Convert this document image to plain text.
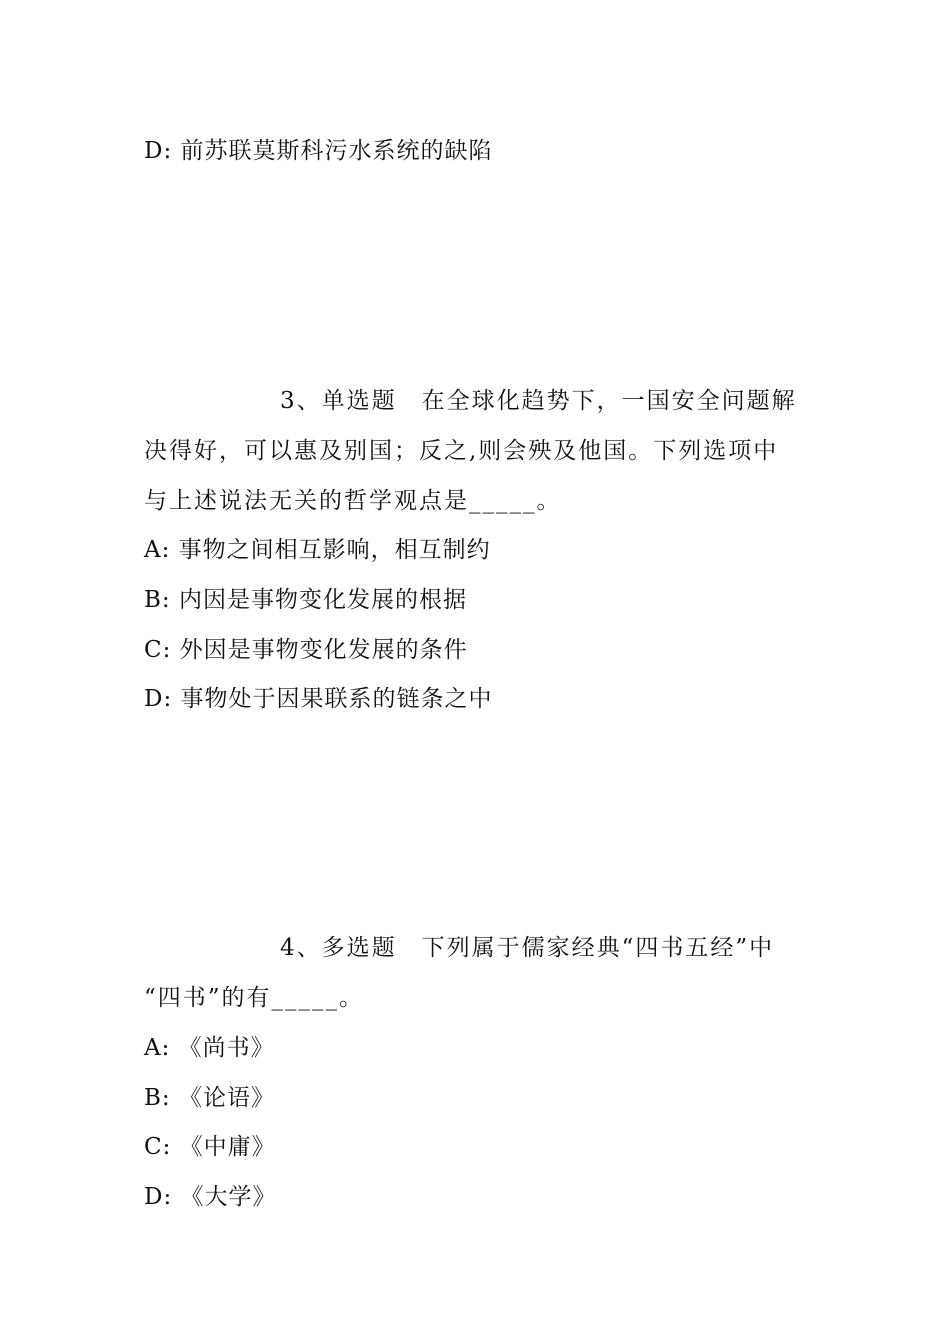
D: 前苏联莫斯科污水系统的缺陷
3、单选题　在全球化趋势下，一国安全问题解
决得好，可以惠及别国；反之,则会殃及他国。下列选项中
与上述说法无关的哲学观点是_____。
A: 事物之间相互影响，相互制约
B: 内因是事物变化发展的根据
C: 外因是事物变化发展的条件
D: 事物处于因果联系的链条之中
4、多选题　下列属于儒家经典“四书五经”中
“四书”的有_____。
A: 《尚书》
B: 《论语》
C: 《中庸》
D: 《大学》
